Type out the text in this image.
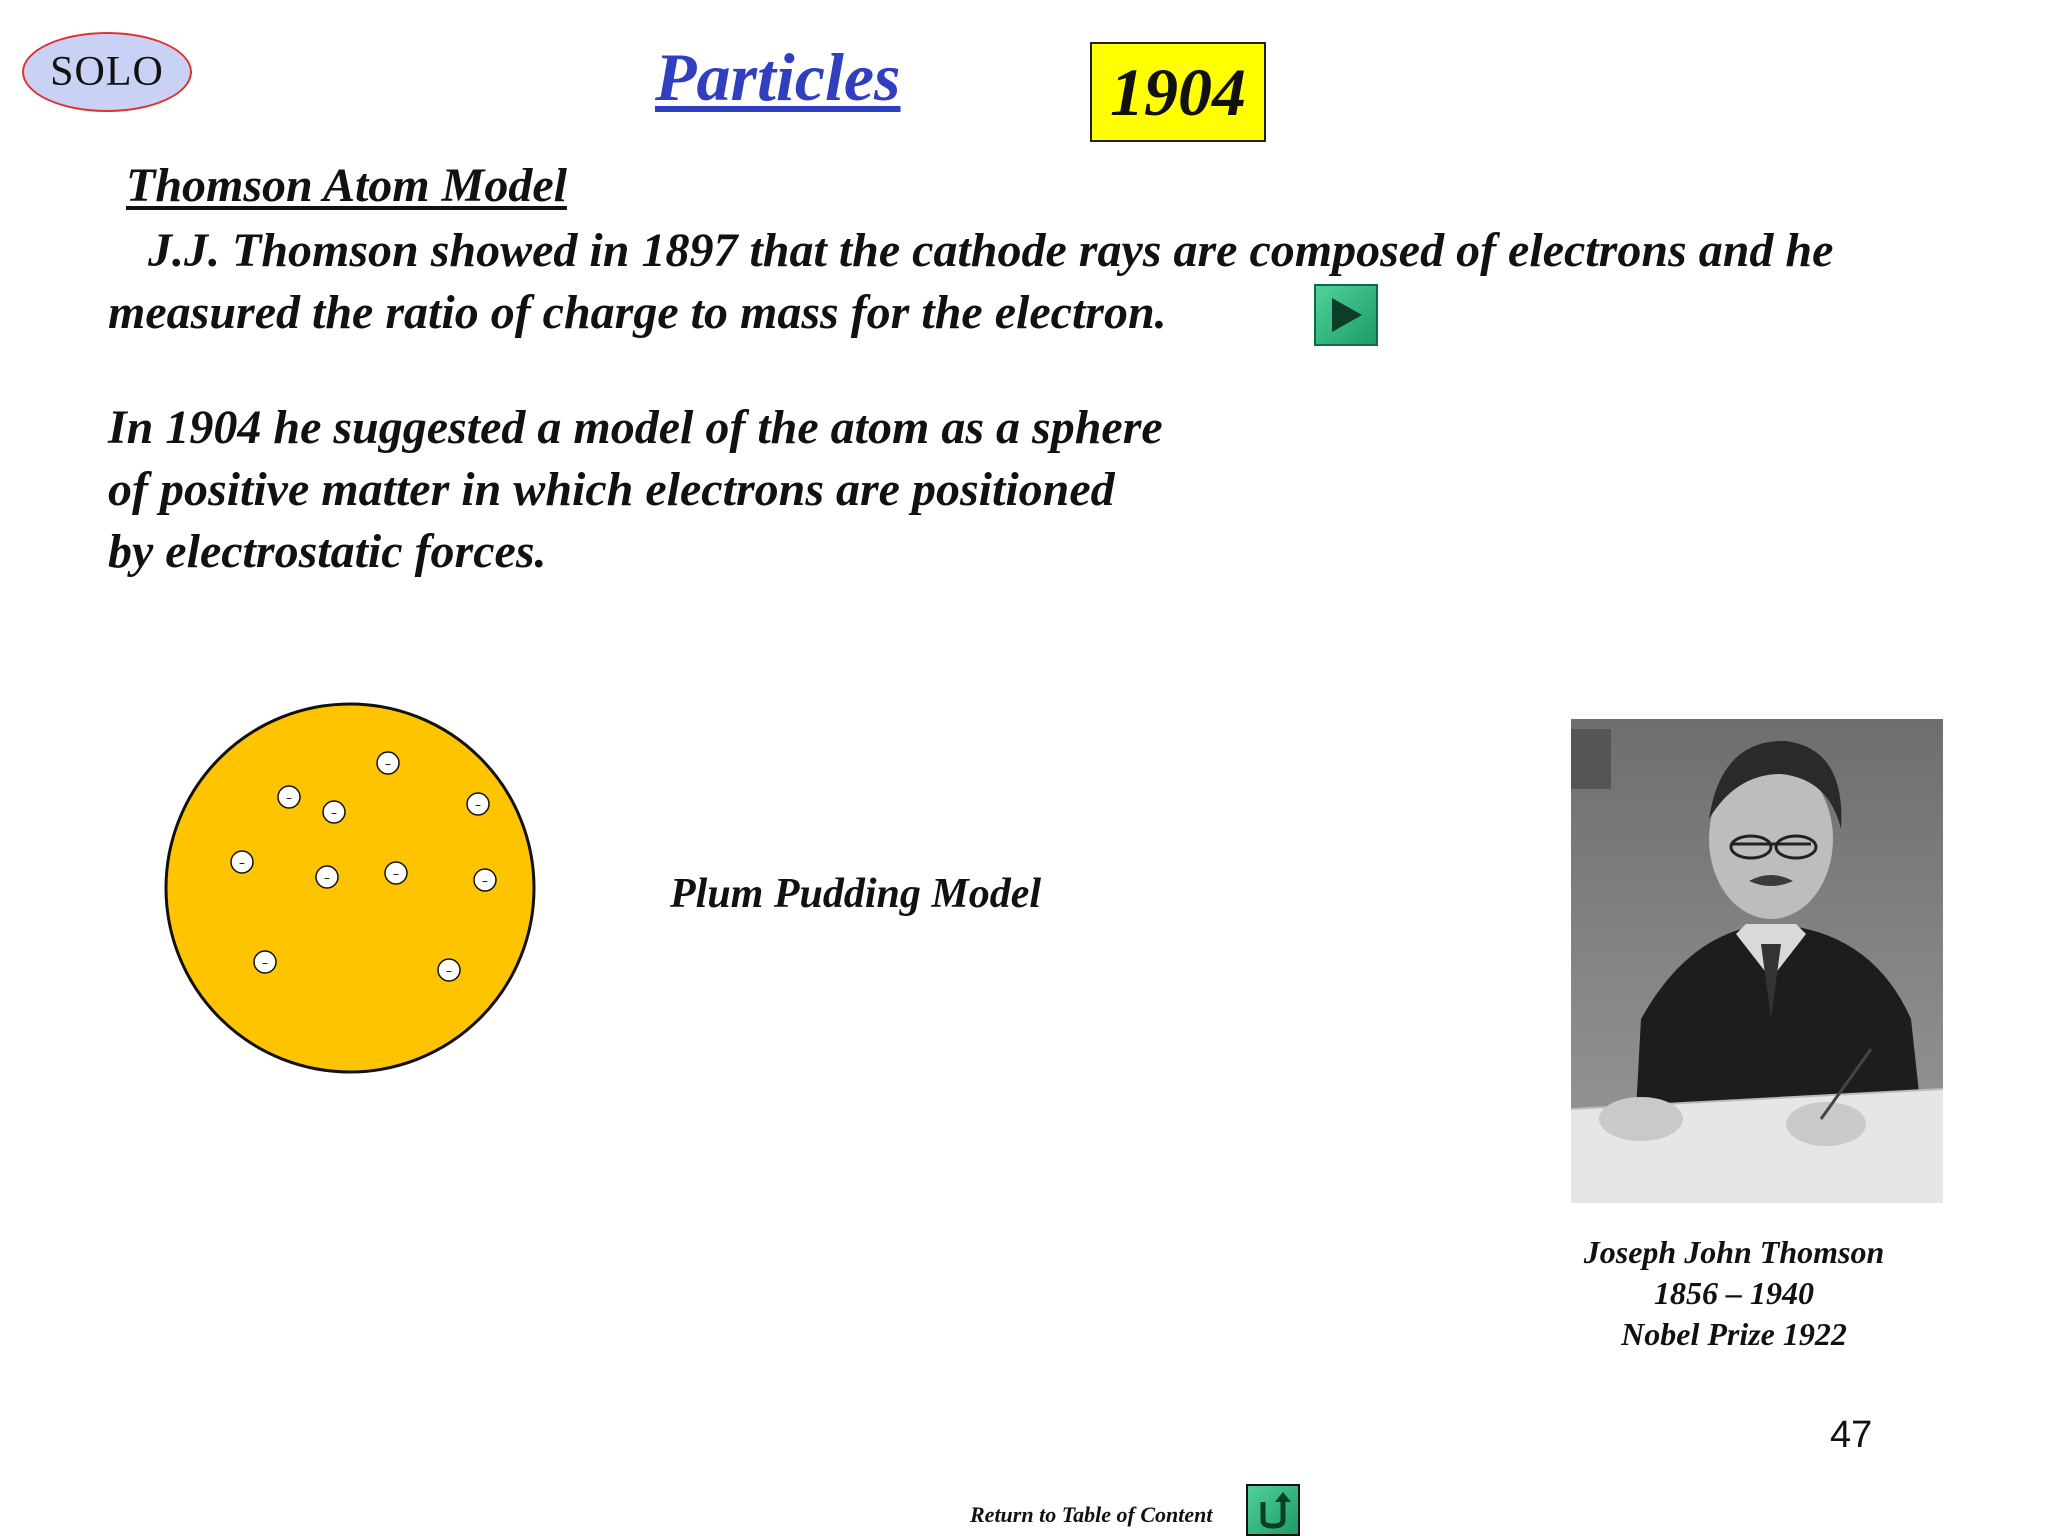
SOLO	Particles	1904
Thomson Atom Model
J.J. Thomson showed in 1897 that the cathode rays are composed of electrons and he measured the ratio of charge to mass for the electron.
In 1904 he suggested a model of the atom as a sphere of positive matter in which electrons are positioned by electrostatic forces.
–
–
–
–
–
–	–	–
–
–
Plum Pudding Model
Joseph John Thomson
1856 – 1940
Nobel Prize 1922
47
Return to Table of Content
